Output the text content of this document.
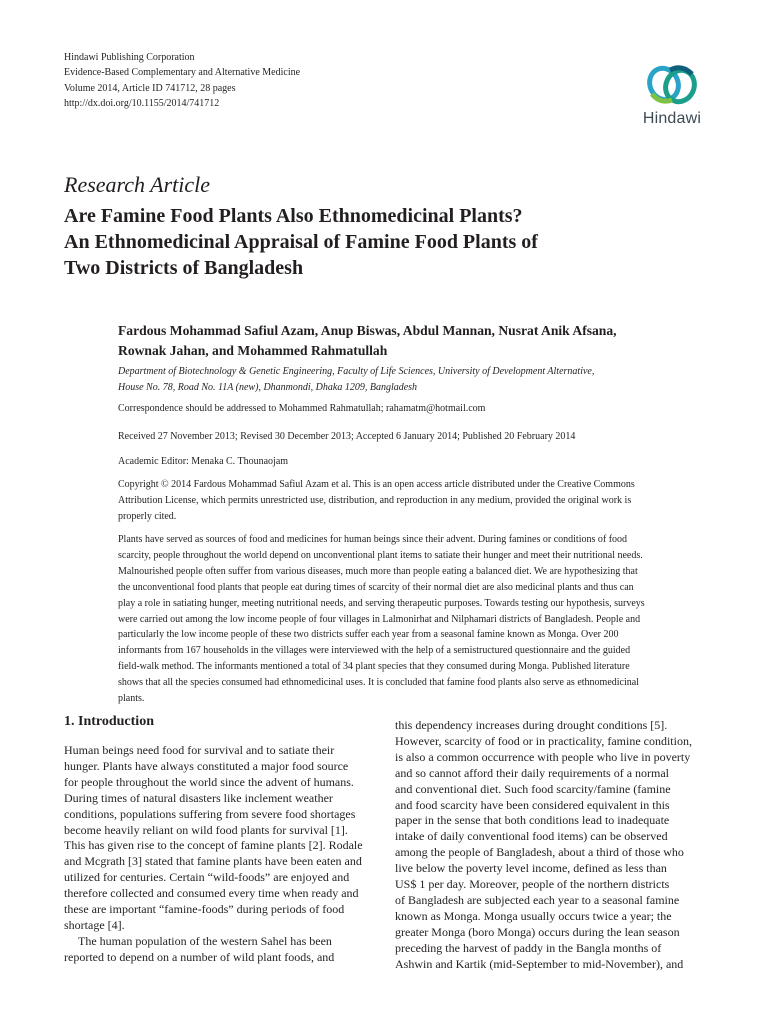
Hindawi Publishing Corporation
Evidence-Based Complementary and Alternative Medicine
Volume 2014, Article ID 741712, 28 pages
http://dx.doi.org/10.1155/2014/741712
Hindawi
Research Article
Are Famine Food Plants Also Ethnomedicinal Plants?
An Ethnomedicinal Appraisal of Famine Food Plants of
Two Districts of Bangladesh
Fardous Mohammad Safiul Azam, Anup Biswas, Abdul Mannan, Nusrat Anik Afsana,
Rownak Jahan, and Mohammed Rahmatullah
Department of Biotechnology & Genetic Engineering, Faculty of Life Sciences, University of Development Alternative,
House No. 78, Road No. 11A (new), Dhanmondi, Dhaka 1209, Bangladesh
Correspondence should be addressed to Mohammed Rahmatullah; rahamatm@hotmail.com
Received 27 November 2013; Revised 30 December 2013; Accepted 6 January 2014; Published 20 February 2014
Academic Editor: Menaka C. Thounaojam
Copyright © 2014 Fardous Mohammad Safiul Azam et al. This is an open access article distributed under the Creative Commons
Attribution License, which permits unrestricted use, distribution, and reproduction in any medium, provided the original work is
properly cited.
Plants have served as sources of food and medicines for human beings since their advent. During famines or conditions of food
scarcity, people throughout the world depend on unconventional plant items to satiate their hunger and meet their nutritional needs.
Malnourished people often suffer from various diseases, much more than people eating a balanced diet. We are hypothesizing that
the unconventional food plants that people eat during times of scarcity of their normal diet are also medicinal plants and thus can
play a role in satiating hunger, meeting nutritional needs, and serving therapeutic purposes. Towards testing our hypothesis, surveys
were carried out among the low income people of four villages in Lalmonirhat and Nilphamari districts of Bangladesh. People and
particularly the low income people of these two districts suffer each year from a seasonal famine known as Monga. Over 200
informants from 167 households in the villages were interviewed with the help of a semistructured questionnaire and the guided
field-walk method. The informants mentioned a total of 34 plant species that they consumed during Monga. Published literature
shows that all the species consumed had ethnomedicinal uses. It is concluded that famine food plants also serve as ethnomedicinal
plants.
1. Introduction
Human beings need food for survival and to satiate their
hunger. Plants have always constituted a major food source
for people throughout the world since the advent of humans.
During times of natural disasters like inclement weather
conditions, populations suffering from severe food shortages
become heavily reliant on wild food plants for survival [1].
This has given rise to the concept of famine plants [2]. Rodale
and Mcgrath [3] stated that famine plants have been eaten and
utilized for centuries. Certain “wild-foods” are enjoyed and
therefore collected and consumed every time when ready and
these are important “famine-foods” during periods of food
shortage [4].
The human population of the western Sahel has been
reported to depend on a number of wild plant foods, and
this dependency increases during drought conditions [5].
However, scarcity of food or in practicality, famine condition,
is also a common occurrence with people who live in poverty
and so cannot afford their daily requirements of a normal
and conventional diet. Such food scarcity/famine (famine
and food scarcity have been considered equivalent in this
paper in the sense that both conditions lead to inadequate
intake of daily conventional food items) can be observed
among the people of Bangladesh, about a third of those who
live below the poverty level income, defined as less than
US$ 1 per day. Moreover, people of the northern districts
of Bangladesh are subjected each year to a seasonal famine
known as Monga. Monga usually occurs twice a year; the
greater Monga (boro Monga) occurs during the lean season
preceding the harvest of paddy in the Bangla months of
Ashwin and Kartik (mid-September to mid-November), and
